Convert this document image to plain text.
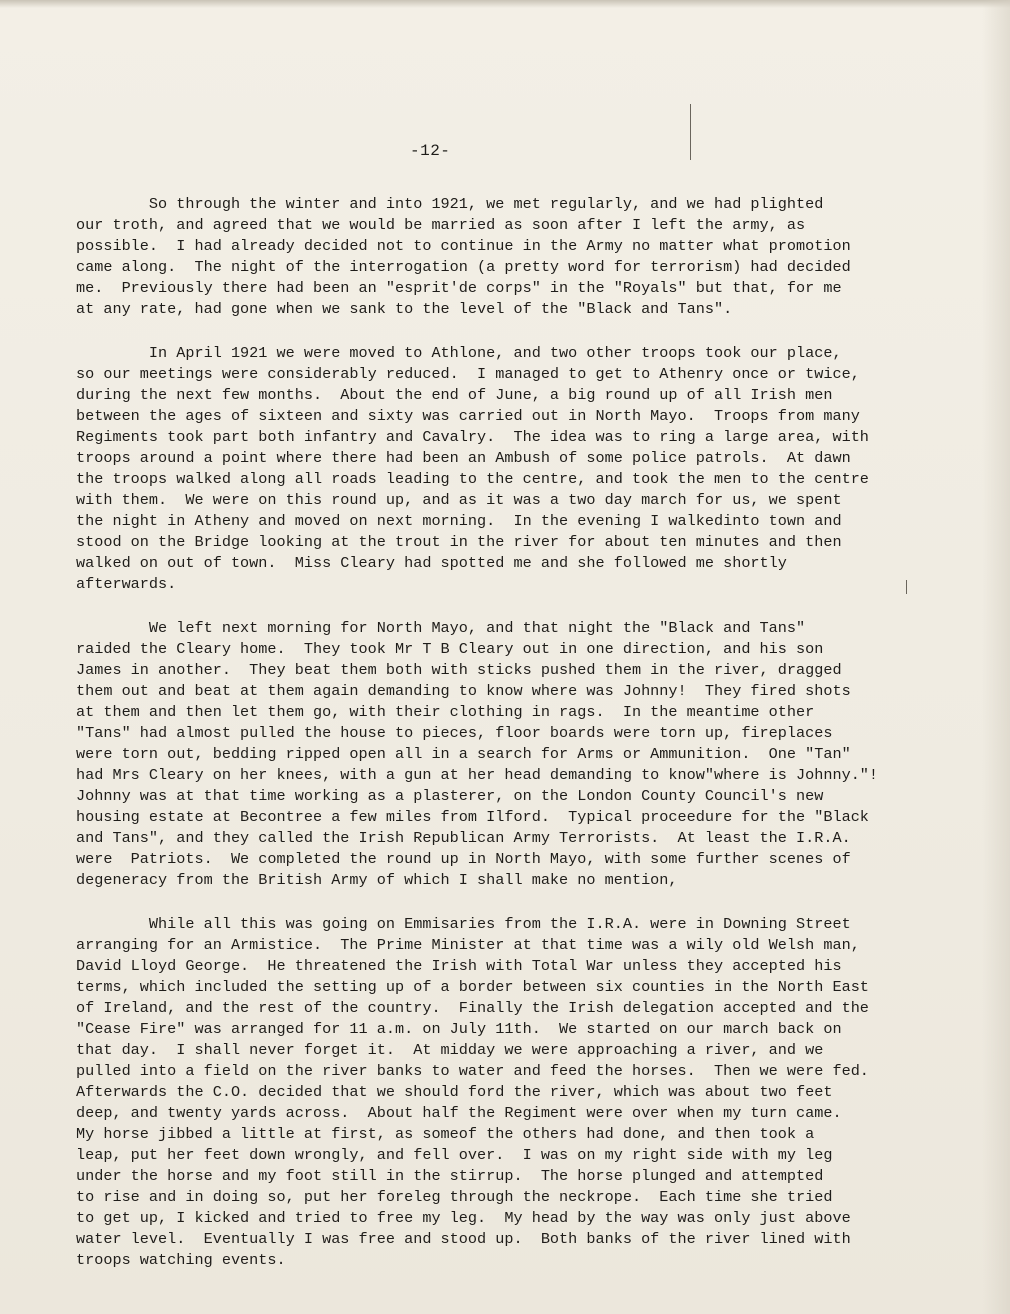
-12-
So through the winter and into 1921, we met regularly, and we had plighted
our troth, and agreed that we would be married as soon after I left the army, as
possible.  I had already decided not to continue in the Army no matter what promotion
came along.  The night of the interrogation (a pretty word for terrorism) had decided
me.  Previously there had been an "esprit'de corps" in the "Royals" but that, for me
at any rate, had gone when we sank to the level of the "Black and Tans".
In April 1921 we were moved to Athlone, and two other troops took our place,
so our meetings were considerably reduced.  I managed to get to Athenry once or twice,
during the next few months.  About the end of June, a big round up of all Irish men
between the ages of sixteen and sixty was carried out in North Mayo.  Troops from many
Regiments took part both infantry and Cavalry.  The idea was to ring a large area, with
troops around a point where there had been an Ambush of some police patrols.  At dawn
the troops walked along all roads leading to the centre, and took the men to the centre
with them.  We were on this round up, and as it was a two day march for us, we spent
the night in Atheny and moved on next morning.  In the evening I walkedinto town and
stood on the Bridge looking at the trout in the river for about ten minutes and then
walked on out of town.  Miss Cleary had spotted me and she followed me shortly
afterwards.
We left next morning for North Mayo, and that night the "Black and Tans"
raided the Cleary home.  They took Mr T B Cleary out in one direction, and his son
James in another.  They beat them both with sticks pushed them in the river, dragged
them out and beat at them again demanding to know where was Johnny!  They fired shots
at them and then let them go, with their clothing in rags.  In the meantime other
"Tans" had almost pulled the house to pieces, floor boards were torn up, fireplaces
were torn out, bedding ripped open all in a search for Arms or Ammunition.  One "Tan"
had Mrs Cleary on her knees, with a gun at her head demanding to know"where is Johnny."!
Johnny was at that time working as a plasterer, on the London County Council's new
housing estate at Becontree a few miles from Ilford.  Typical proceedure for the "Black
and Tans", and they called the Irish Republican Army Terrorists.  At least the I.R.A.
were  Patriots.  We completed the round up in North Mayo, with some further scenes of
degeneracy from the British Army of which I shall make no mention,
While all this was going on Emmisaries from the I.R.A. were in Downing Street
arranging for an Armistice.  The Prime Minister at that time was a wily old Welsh man,
David Lloyd George.  He threatened the Irish with Total War unless they accepted his
terms, which included the setting up of a border between six counties in the North East
of Ireland, and the rest of the country.  Finally the Irish delegation accepted and the
"Cease Fire" was arranged for 11 a.m. on July 11th.  We started on our march back on
that day.  I shall never forget it.  At midday we were approaching a river, and we
pulled into a field on the river banks to water and feed the horses.  Then we were fed.
Afterwards the C.O. decided that we should ford the river, which was about two feet
deep, and twenty yards across.  About half the Regiment were over when my turn came.
My horse jibbed a little at first, as someof the others had done, and then took a
leap, put her feet down wrongly, and fell over.  I was on my right side with my leg
under the horse and my foot still in the stirrup.  The horse plunged and attempted
to rise and in doing so, put her foreleg through the neckrope.  Each time she tried
to get up, I kicked and tried to free my leg.  My head by the way was only just above
water level.  Eventually I was free and stood up.  Both banks of the river lined with
troops watching events.
